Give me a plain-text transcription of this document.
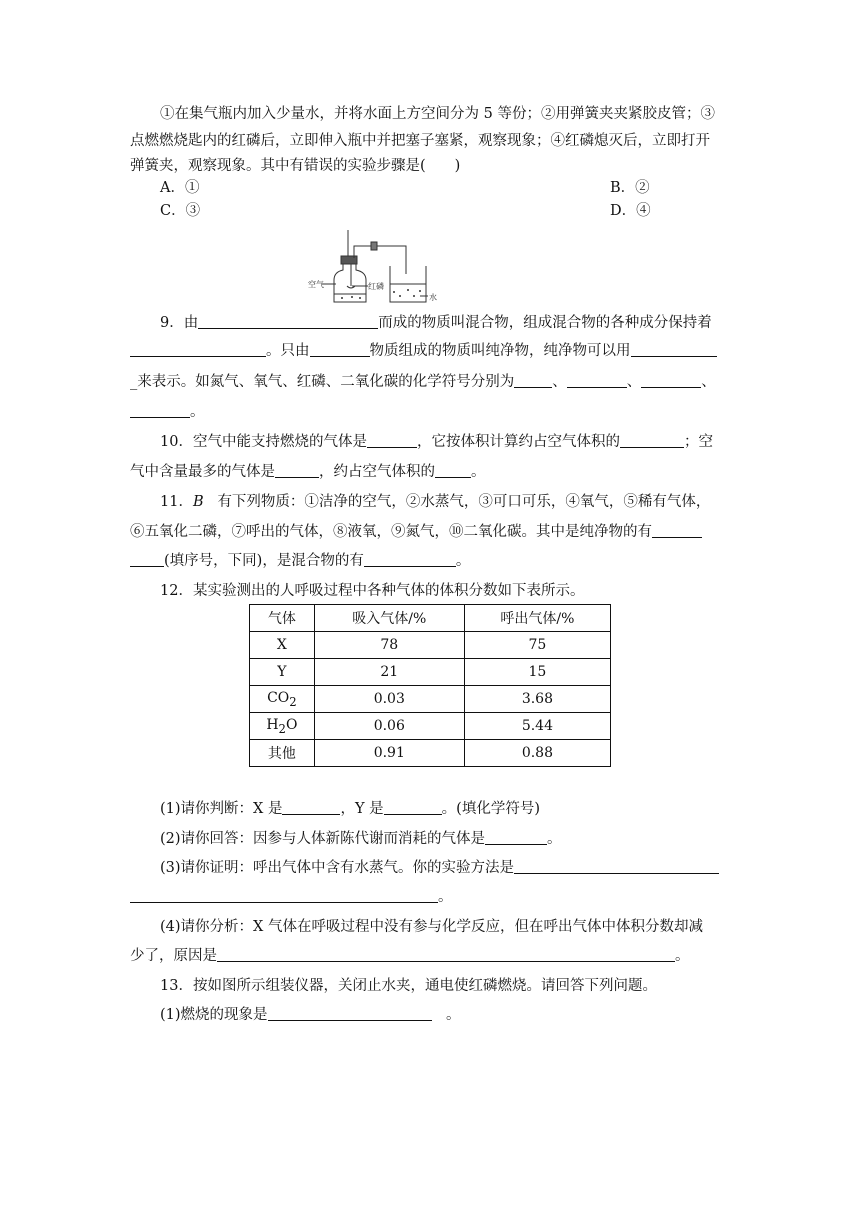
①在集气瓶内加入少量水，并将水面上方空间分为 5 等份；②用弹簧夹夹紧胶皮管；③
点燃燃烧匙内的红磷后，立即伸入瓶中并把塞子塞紧，观察现象；④红磷熄灭后，立即打开
弹簧夹，观察现象。其中有错误的实验步骤是(　　)
A．①	B．②
C．③	D．④
空气	红磷
水
9．由	而成的物质叫混合物，组成混合物的各种成分保持着
。只由	物质组成的物质叫纯净物，纯净物可以用
_来表示。如氮气、氧气、红磷、二氧化碳的化学符号分别为	、	、	、
。
10．空气中能支持燃烧的气体是	，它按体积计算约占空气体积的	；空
气中含量最多的气体是	，约占空气体积的 。
11．B 有下列物质：①洁净的空气，②水蒸气，③可口可乐，④氧气，⑤稀有气体，
⑥五氧化二磷，⑦呼出的气体，⑧液氧，⑨氮气，⑩二氧化碳。其中是纯净物的有
(填序号，下同)，是混合物的有	。
12．某实验测出的人呼吸过程中各种气体的体积分数如下表所示。
气体	吸入气体/%	呼出气体/%
X	78	75
Y	21	15
$CO_2$	0.03	3.68
$H_2O$	0.06	5.44
其他	0.91	0.88
(1)请你判断：X 是	，Y 是	。(填化学符号)
(2)请你回答：因参与人体新陈代谢而消耗的气体是	。
(3)请你证明：呼出气体中含有水蒸气。你的实验方法是
。
(4)请你分析：X 气体在呼吸过程中没有参与化学反应，但在呼出气体中体积分数却减
少了，原因是	。
13．按如图所示组装仪器，关闭止水夹，通电使红磷燃烧。请回答下列问题。
(1)燃烧的现象是	　。
